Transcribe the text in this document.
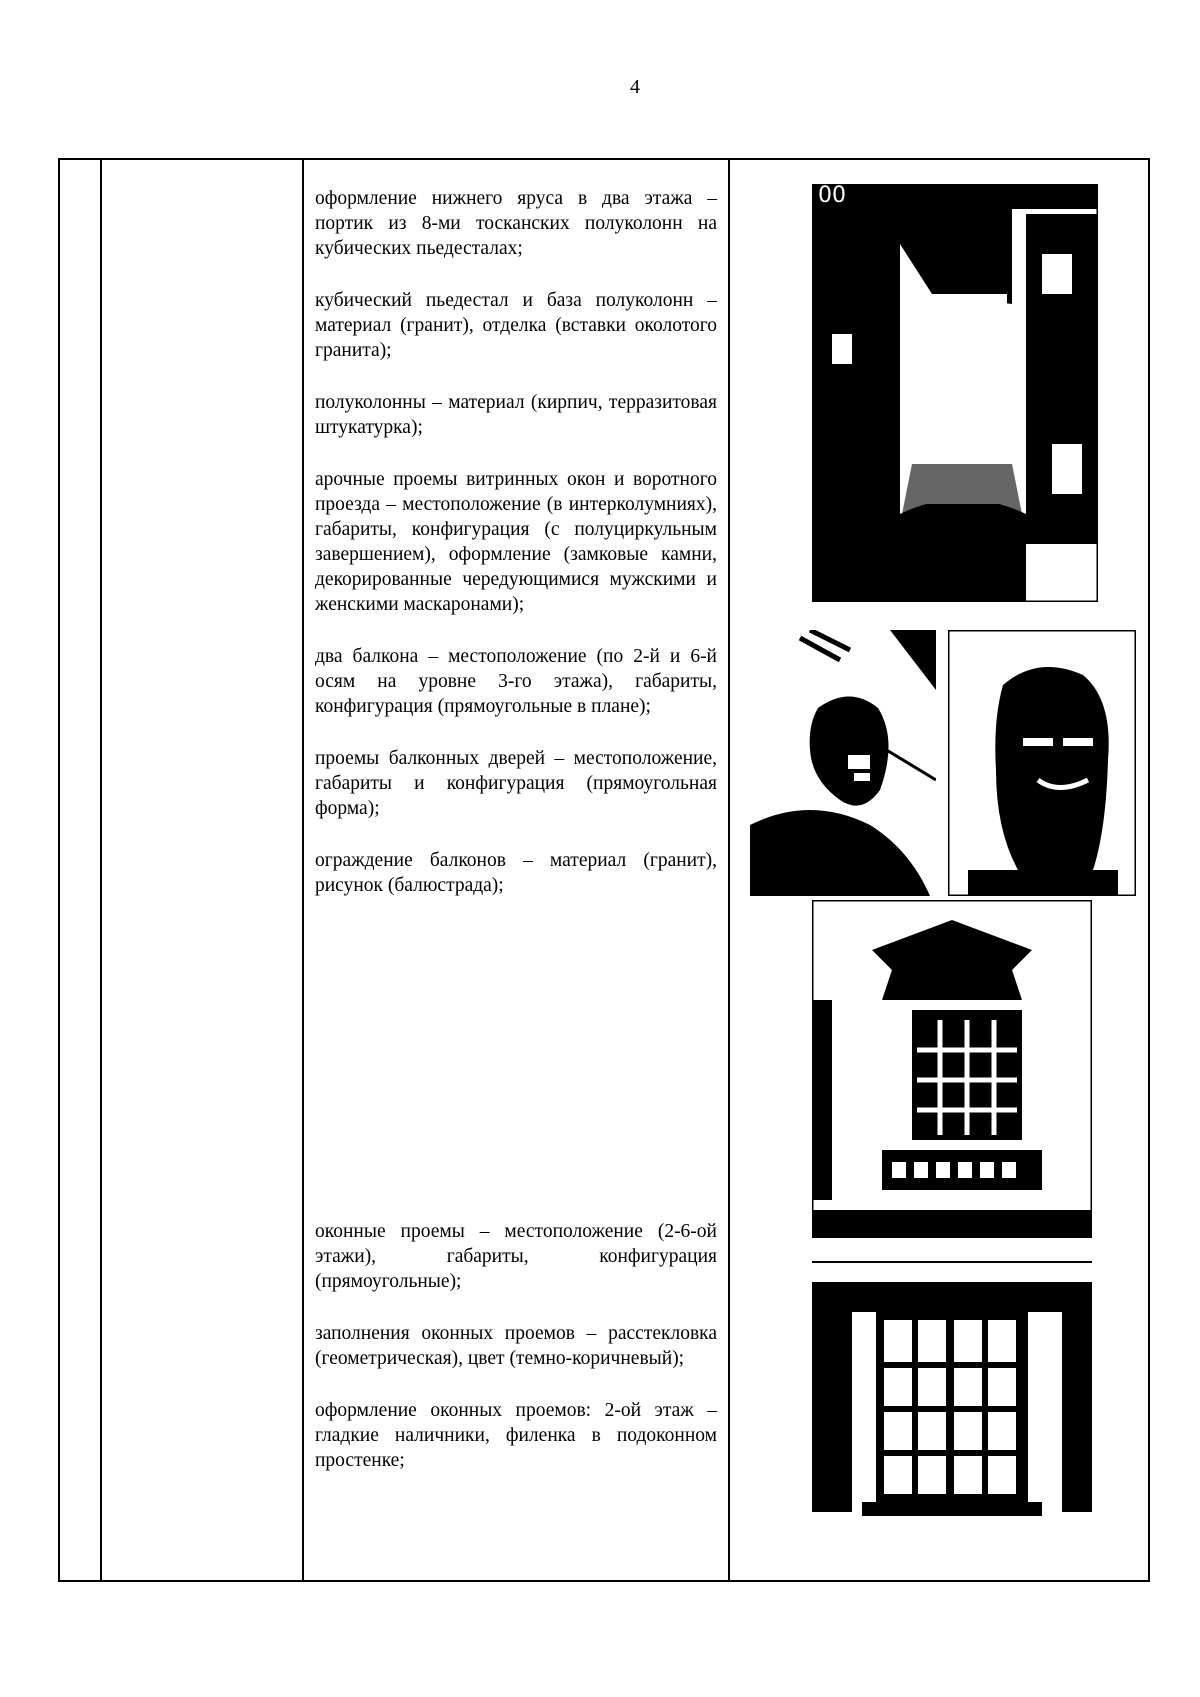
4

оформление нижнего яруса в два этажа – портик из 8-ми тосканских полуколонн на кубических пьедесталах;

кубический пьедестал и база полуколонн – материал (гранит), отделка (вставки околотого гранита);

полуколонны – материал (кирпич, терразитовая штукатурка);

арочные проемы витринных окон и воротного проезда – местоположение (в интерколумниях), габариты, конфигурация (с полуциркульным завершением), оформление (замковые камни, декорированные чередующимися мужскими и женскими маскаронами);

два балкона – местоположение (по 2-й и 6-й осям на уровне 3-го этажа), габариты, конфигурация (прямоугольные в плане);

проемы балконных дверей – местоположение, габариты и конфигурация (прямоугольная форма);

ограждение балконов – материал (гранит), рисунок (балюстрада);

оконные проемы – местоположение (2-6-ой этажи), габариты, конфигурация (прямоугольные);

заполнения оконных проемов – расстекловка (геометрическая), цвет (темно-коричневый);

оформление оконных проемов: 2-ой этаж – гладкие наличники, филенка в подоконном простенке;

00
